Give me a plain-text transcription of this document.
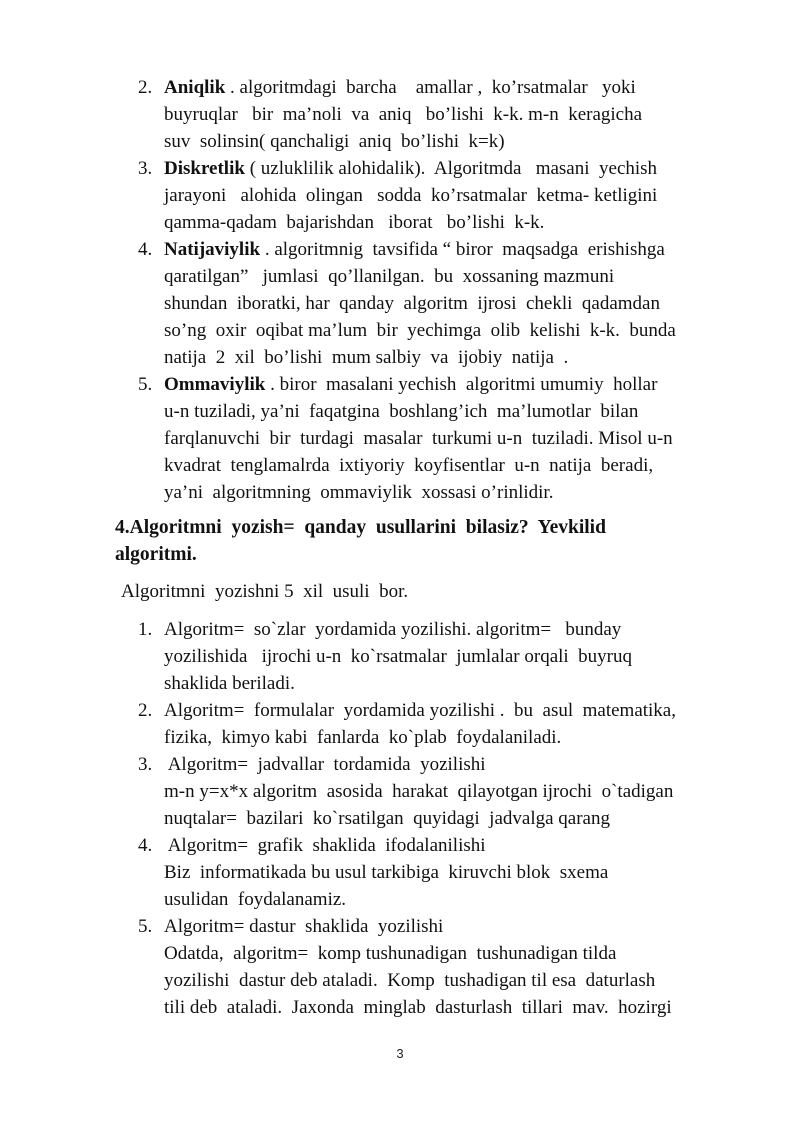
2. Aniqlik . algoritmdagi  barcha    amallar ,  ko’rsatmalar   yoki
buyruqlar   bir  ma’noli  va  aniq   bo’lishi  k-k. m-n  keragicha
suv  solinsin( qanchaligi  aniq  bo’lishi  k=k)
3. Diskretlik ( uzluklilik alohidalik).  Algoritmda   masani  yechish
jarayoni   alohida  olingan   sodda  ko’rsatmalar  ketma- ketligini
qamma-qadam  bajarishdan   iborat   bo’lishi  k-k.
4. Natijaviylik . algoritmnig  tavsifida “ biror  maqsadga  erishishga
qaratilgan”   jumlasi  qo’llanilgan.  bu  xossaning mazmuni
shundan  iboratki, har  qanday  algoritm  ijrosi  chekli  qadamdan
so’ng  oxir  oqibat ma’lum  bir  yechimga  olib  kelishi  k-k.  bunda
natija  2  xil  bo’lishi  mum salbiy  va  ijobiy  natija  .
5. Ommaviylik . biror  masalani yechish  algoritmi umumiy  hollar
u-n tuziladi, ya’ni  faqatgina  boshlang’ich  ma’lumotlar  bilan
farqlanuvchi  bir  turdagi  masalar  turkumi u-n  tuziladi. Misol u-n
kvadrat  tenglamalrda  ixtiyoriy  koyfisentlar  u-n  natija  beradi,
ya’ni  algoritmning  ommaviylik  xossasi o’rinlidir.
4.Algoritmni  yozish=  qanday  usullarini  bilasiz?  Yevkilid
algoritmi.
Algoritmni  yozishni 5  xil  usuli  bor.
1. Algoritm=  so`zlar  yordamida yozilishi. algoritm=   bunday
yozilishida   ijrochi u-n  ko`rsatmalar  jumlalar orqali  buyruq
shaklida beriladi.
2. Algoritm=  formulalar  yordamida yozilishi .  bu  asul  matematika,
fizika,  kimyo kabi  fanlarda  ko`plab  foydalaniladi.
3. Algoritm=  jadvallar  tordamida  yozilishi
m-n y=x*x algoritm  asosida  harakat  qilayotgan ijrochi  o`tadigan
nuqtalar=  bazilari  ko`rsatilgan  quyidagi  jadvalga qarang
4. Algoritm=  grafik  shaklida  ifodalanilishi
Biz  informatikada bu usul tarkibiga  kiruvchi blok  sxema
usulidan  foydalanamiz.
5. Algoritm= dastur  shaklida  yozilishi
Odatda,  algoritm=  komp tushunadigan  tushunadigan tilda
yozilishi  dastur deb ataladi.  Komp  tushadigan til esa  daturlash
tili deb  ataladi.  Jaxonda  minglab  dasturlash  tillari  mav.  hozirgi
3
